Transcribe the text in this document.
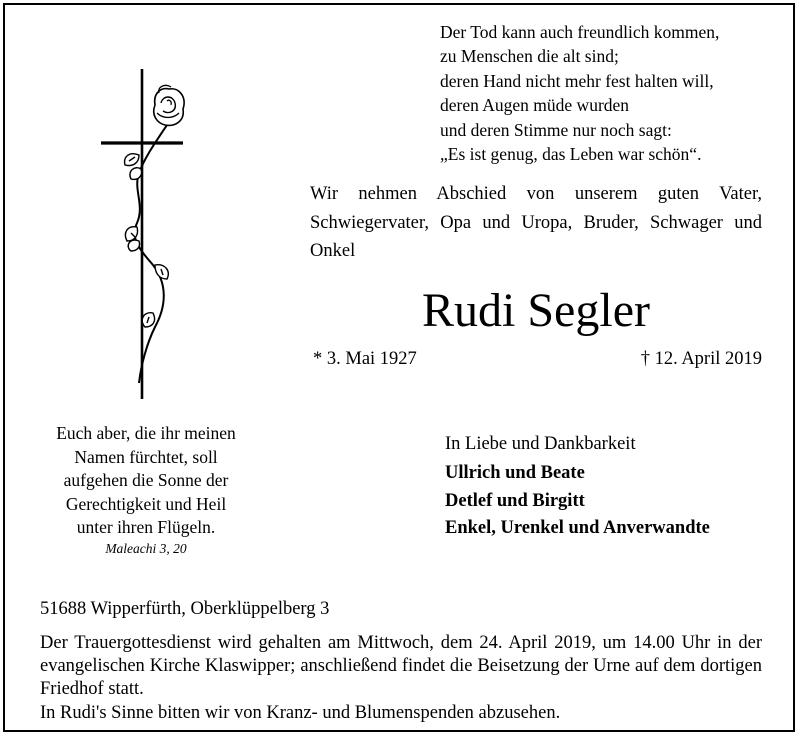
Der Tod kann auch freundlich kommen,
zu Menschen die alt sind;
deren Hand nicht mehr fest halten will,
deren Augen müde wurden
und deren Stimme nur noch sagt:
„Es ist genug, das Leben war schön“.
Wir nehmen Abschied von unserem guten Vater, Schwiegervater, Opa und Uropa, Bruder, Schwager und Onkel
Rudi Segler
* 3. Mai 1927	† 12. April 2019
In Liebe und Dankbarkeit
Ullrich und Beate
Detlef und Birgitt
Enkel, Urenkel und Anverwandte
Euch aber, die ihr meinen
Namen fürchtet, soll
aufgehen die Sonne der
Gerechtigkeit und Heil
unter ihren Flügeln.
Maleachi 3, 20
51688 Wipperfürth, Oberklüppelberg 3
Der Trauergottesdienst wird gehalten am Mittwoch, dem 24. April 2019, um 14.00 Uhr in der evangelischen Kirche Klaswipper; anschließend findet die Beisetzung der Urne auf dem dortigen Friedhof statt.
In Rudi's Sinne bitten wir von Kranz- und Blumenspenden abzusehen.
